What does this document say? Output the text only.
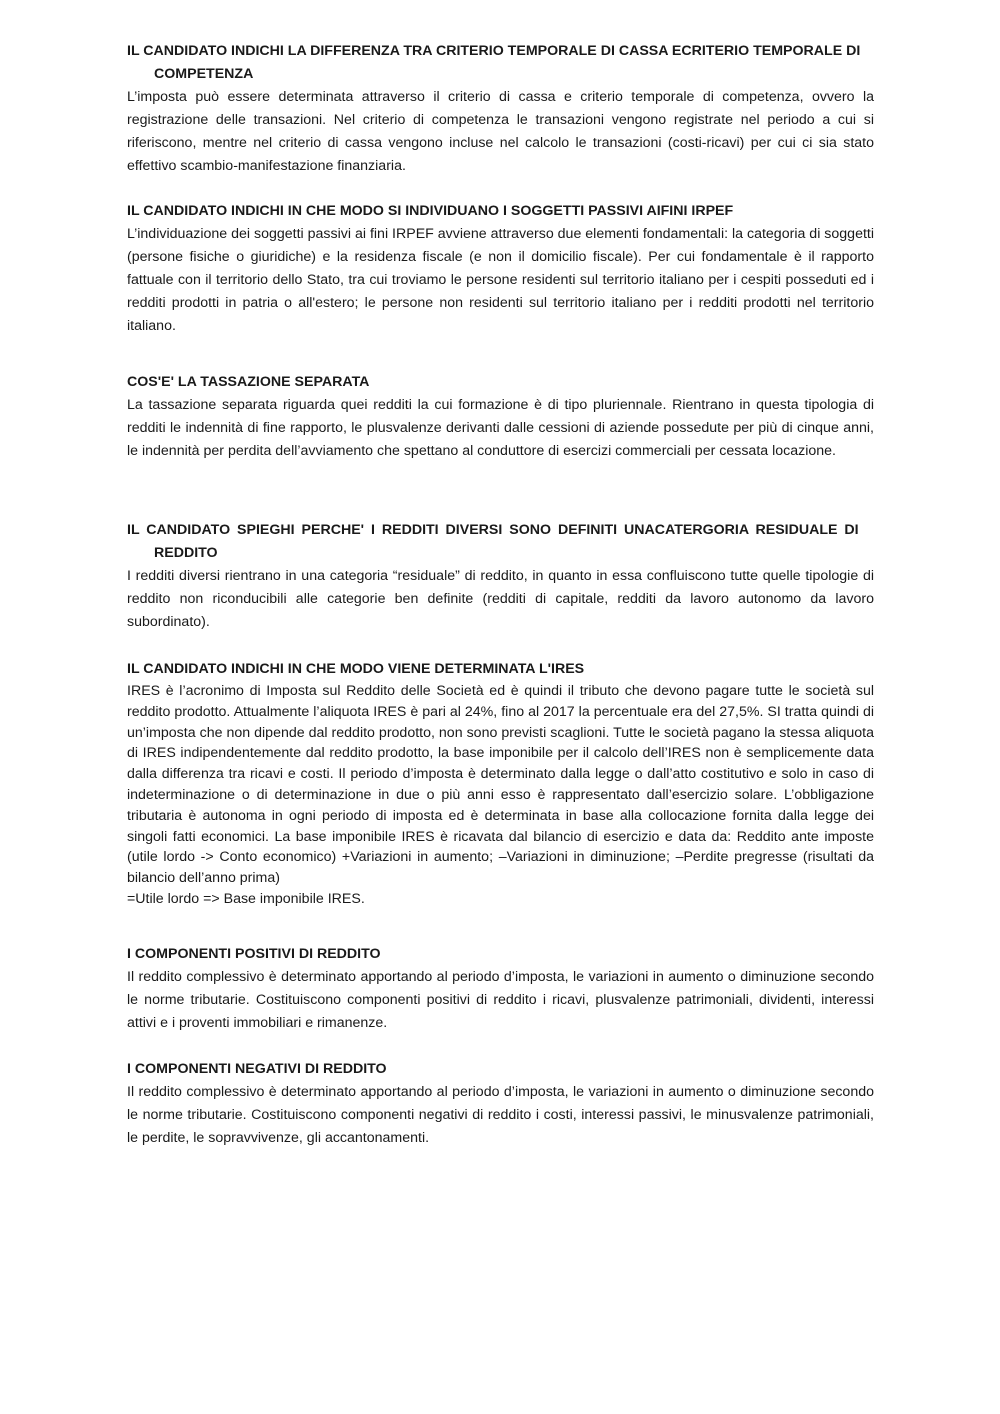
IL CANDIDATO INDICHI LA DIFFERENZA TRA CRITERIO TEMPORALE DI CASSA ECRITERIO TEMPORALE DI COMPETENZA

L’imposta può essere determinata attraverso il criterio di cassa e criterio temporale di competenza, ovvero la registrazione delle transazioni. Nel criterio di competenza le transazioni vengono registrate nel periodo a cui si riferiscono, mentre nel criterio di cassa vengono incluse nel calcolo le transazioni (costi-ricavi) per cui ci sia stato effettivo scambio-manifestazione finanziaria.

IL CANDIDATO INDICHI IN CHE MODO SI INDIVIDUANO I SOGGETTI PASSIVI AIFINI IRPEF

L’individuazione dei soggetti passivi ai fini IRPEF avviene attraverso due elementi fondamentali: la categoria di soggetti (persone fisiche o giuridiche) e la residenza fiscale (e non il domicilio fiscale). Per cui fondamentale è il rapporto fattuale con il territorio dello Stato, tra cui troviamo le persone residenti sul territorio italiano per i cespiti posseduti ed i redditi prodotti in patria o all'estero; le persone non residenti sul territorio italiano per i redditi prodotti nel territorio italiano.

COS'E' LA TASSAZIONE SEPARATA

La tassazione separata riguarda quei redditi la cui formazione è di tipo pluriennale. Rientrano in questa tipologia di redditi le indennità di fine rapporto, le plusvalenze derivanti dalle cessioni di aziende possedute per più di cinque anni, le indennità per perdita dell’avviamento che spettano al conduttore di esercizi commerciali per cessata locazione.

IL CANDIDATO SPIEGHI PERCHE' I REDDITI DIVERSI SONO DEFINITI UNACATERGORIA RESIDUALE DI REDDITO

I redditi diversi rientrano in una categoria “residuale” di reddito, in quanto in essa confluiscono tutte quelle tipologie di reddito non riconducibili alle categorie ben definite (redditi di capitale, redditi da lavoro autonomo da lavoro subordinato).

IL CANDIDATO INDICHI IN CHE MODO VIENE DETERMINATA L'IRES

IRES è l’acronimo di Imposta sul Reddito delle Società ed è quindi il tributo che devono pagare tutte le società sul reddito prodotto. Attualmente l’aliquota IRES è pari al 24%, fino al 2017 la percentuale era del 27,5%. SI tratta quindi di un’imposta che non dipende dal reddito prodotto, non sono previsti scaglioni. Tutte le società pagano la stessa aliquota di IRES indipendentemente dal reddito prodotto, la base imponibile per il calcolo dell’IRES non è semplicemente data dalla differenza tra ricavi e costi. Il periodo d’imposta è determinato dalla legge o dall’atto costitutivo e solo in caso di indeterminazione o di determinazione in due o più anni esso è rappresentato dall’esercizio solare. L’obbligazione tributaria è autonoma in ogni periodo di imposta ed è determinata in base alla collocazione fornita dalla legge dei singoli fatti economici. La base imponibile IRES è ricavata dal bilancio di esercizio e data da: Reddito ante imposte (utile lordo -> Conto economico) +Variazioni in aumento; –Variazioni in diminuzione; –Perdite pregresse (risultati da bilancio dell’anno prima)

=Utile lordo => Base imponibile IRES.

I COMPONENTI POSITIVI DI REDDITO

Il reddito complessivo è determinato apportando al periodo d’imposta, le variazioni in aumento o diminuzione secondo le norme tributarie. Costituiscono componenti positivi di reddito i ricavi, plusvalenze patrimoniali, dividenti, interessi attivi e i proventi immobiliari e rimanenze.

I COMPONENTI NEGATIVI DI REDDITO

Il reddito complessivo è determinato apportando al periodo d’imposta, le variazioni in aumento o diminuzione secondo le norme tributarie. Costituiscono componenti negativi di reddito i costi, interessi passivi, le minusvalenze patrimoniali, le perdite, le sopravvivenze, gli accantonamenti.
